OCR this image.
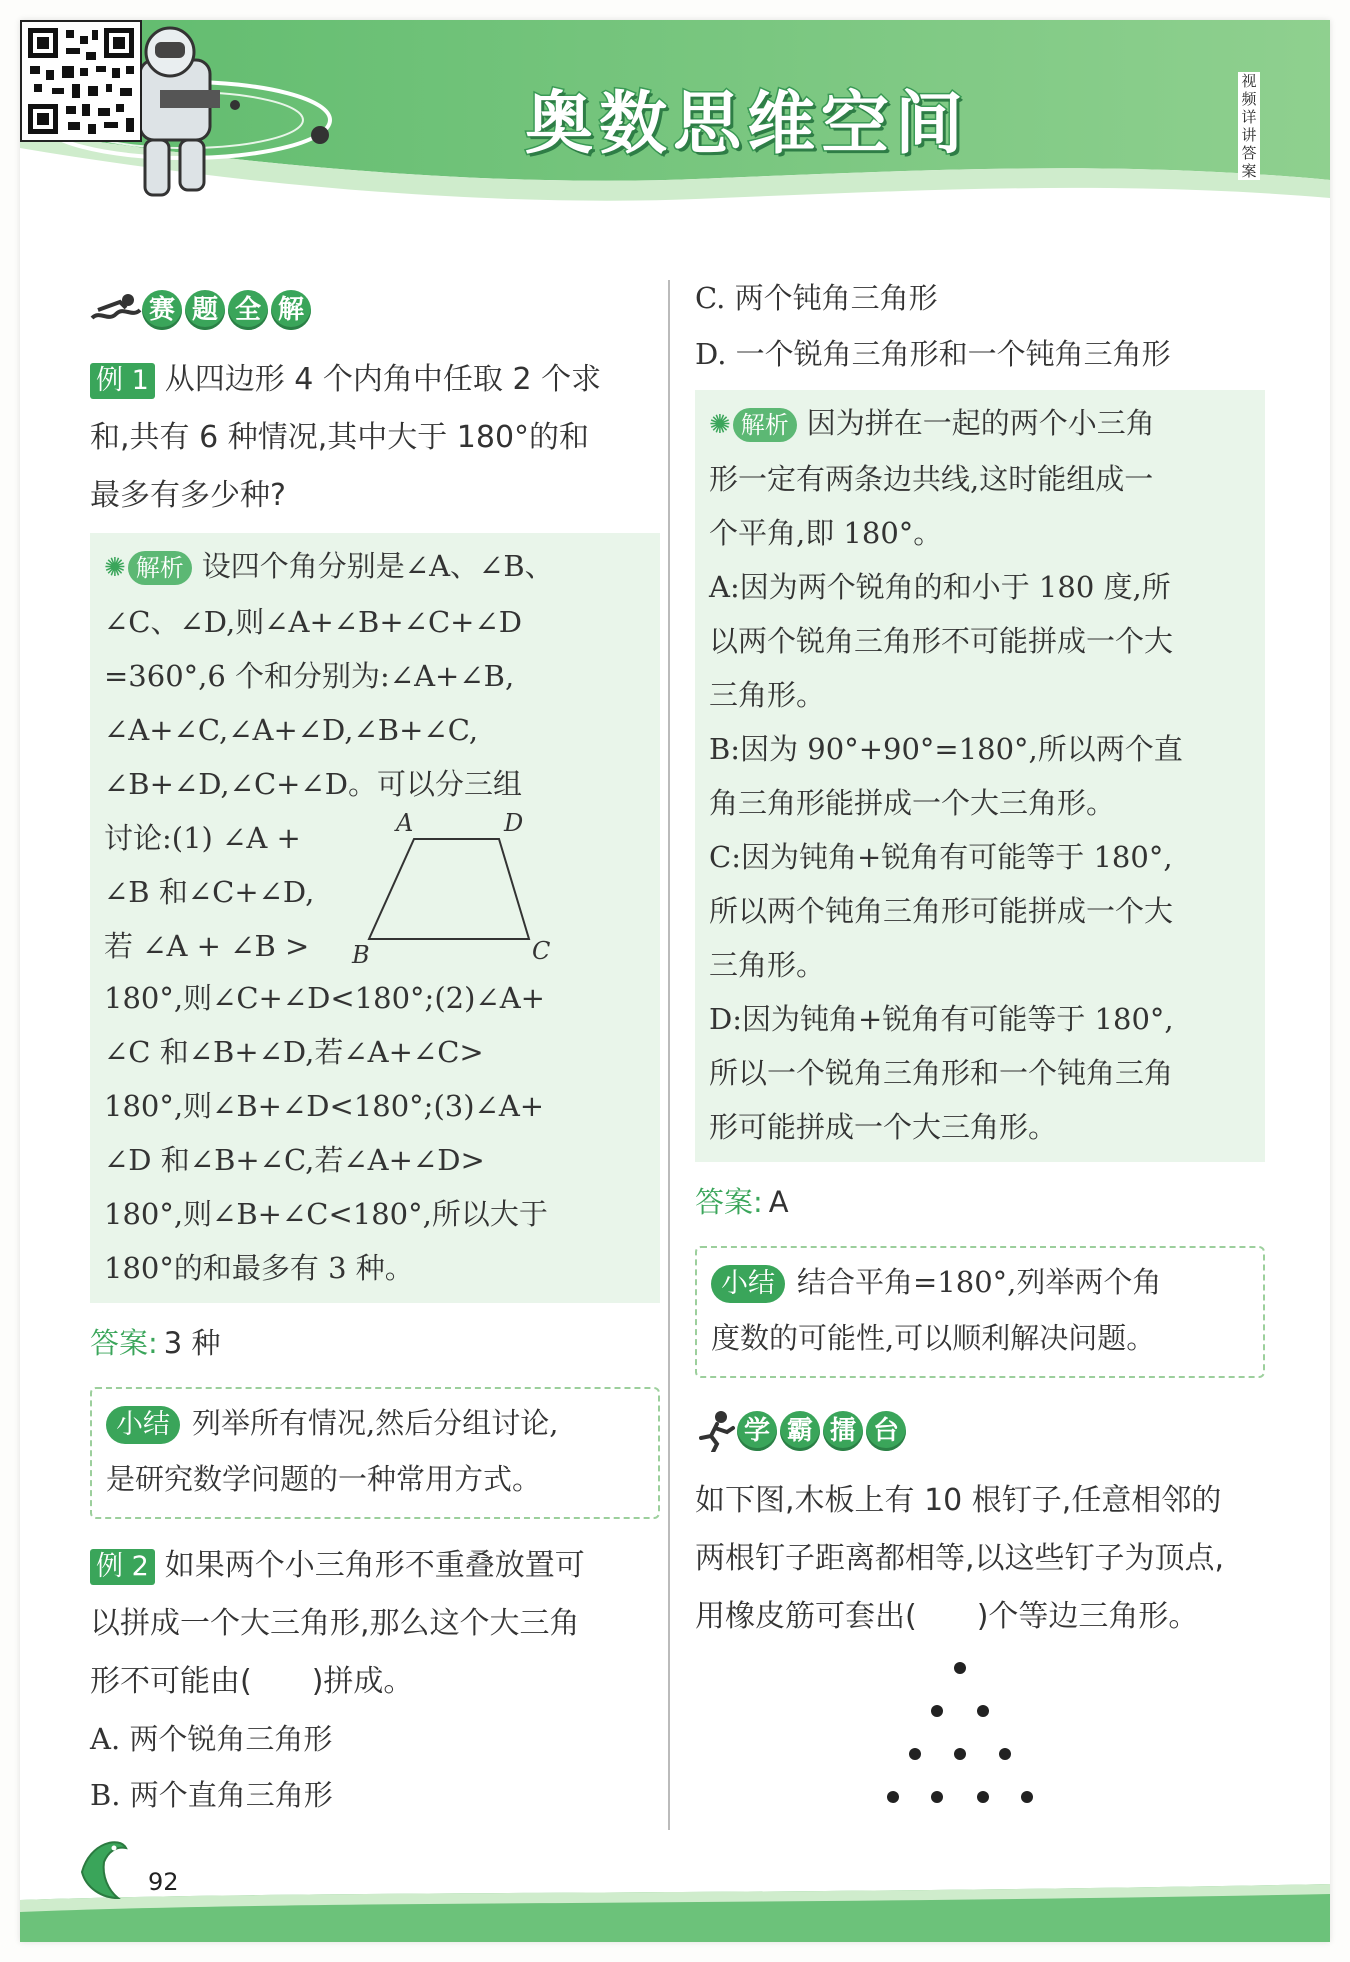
奥数思维空间
视频详讲答案
赛 题 全 解
例 1 从四边形 4 个内角中任取 2 个求
和,共有 6 种情况,其中大于 180°的和
最多有多少种?
✺ 解析 设四个角分别是∠A、∠B、
∠C、∠D,则∠A+∠B+∠C+∠D
=360°,6 个和分别为:∠A+∠B,
∠A+∠C,∠A+∠D,∠B+∠C,
∠B+∠D,∠C+∠D。可以分三组
讨论:(1) ∠A +
∠B 和∠C+∠D,
若 ∠A + ∠B >
A	D
B	C
180°,则∠C+∠D<180°;(2)∠A+
∠C 和∠B+∠D,若∠A+∠C>
180°,则∠B+∠D<180°;(3)∠A+
∠D 和∠B+∠C,若∠A+∠D>
180°,则∠B+∠C<180°,所以大于
180°的和最多有 3 种。
答案: 3 种
小结 列举所有情况,然后分组讨论,
是研究数学问题的一种常用方式。
例 2 如果两个小三角形不重叠放置可
以拼成一个大三角形,那么这个大三角
形不可能由(　　)拼成。
A. 两个锐角三角形
B. 两个直角三角形
C. 两个钝角三角形
D. 一个锐角三角形和一个钝角三角形
✺ 解析 因为拼在一起的两个小三角
形一定有两条边共线,这时能组成一
个平角,即 180°。
A:因为两个锐角的和小于 180 度,所
以两个锐角三角形不可能拼成一个大
三角形。
B:因为 90°+90°=180°,所以两个直
角三角形能拼成一个大三角形。
C:因为钝角+锐角有可能等于 180°,
所以两个钝角三角形可能拼成一个大
三角形。
D:因为钝角+锐角有可能等于 180°,
所以一个锐角三角形和一个钝角三角
形可能拼成一个大三角形。
答案: A
小结 结合平角=180°,列举两个角
度数的可能性,可以顺利解决问题。
学 霸 擂 台
如下图,木板上有 10 根钉子,任意相邻的
两根钉子距离都相等,以这些钉子为顶点,
用橡皮筋可套出(　　)个等边三角形。
92
